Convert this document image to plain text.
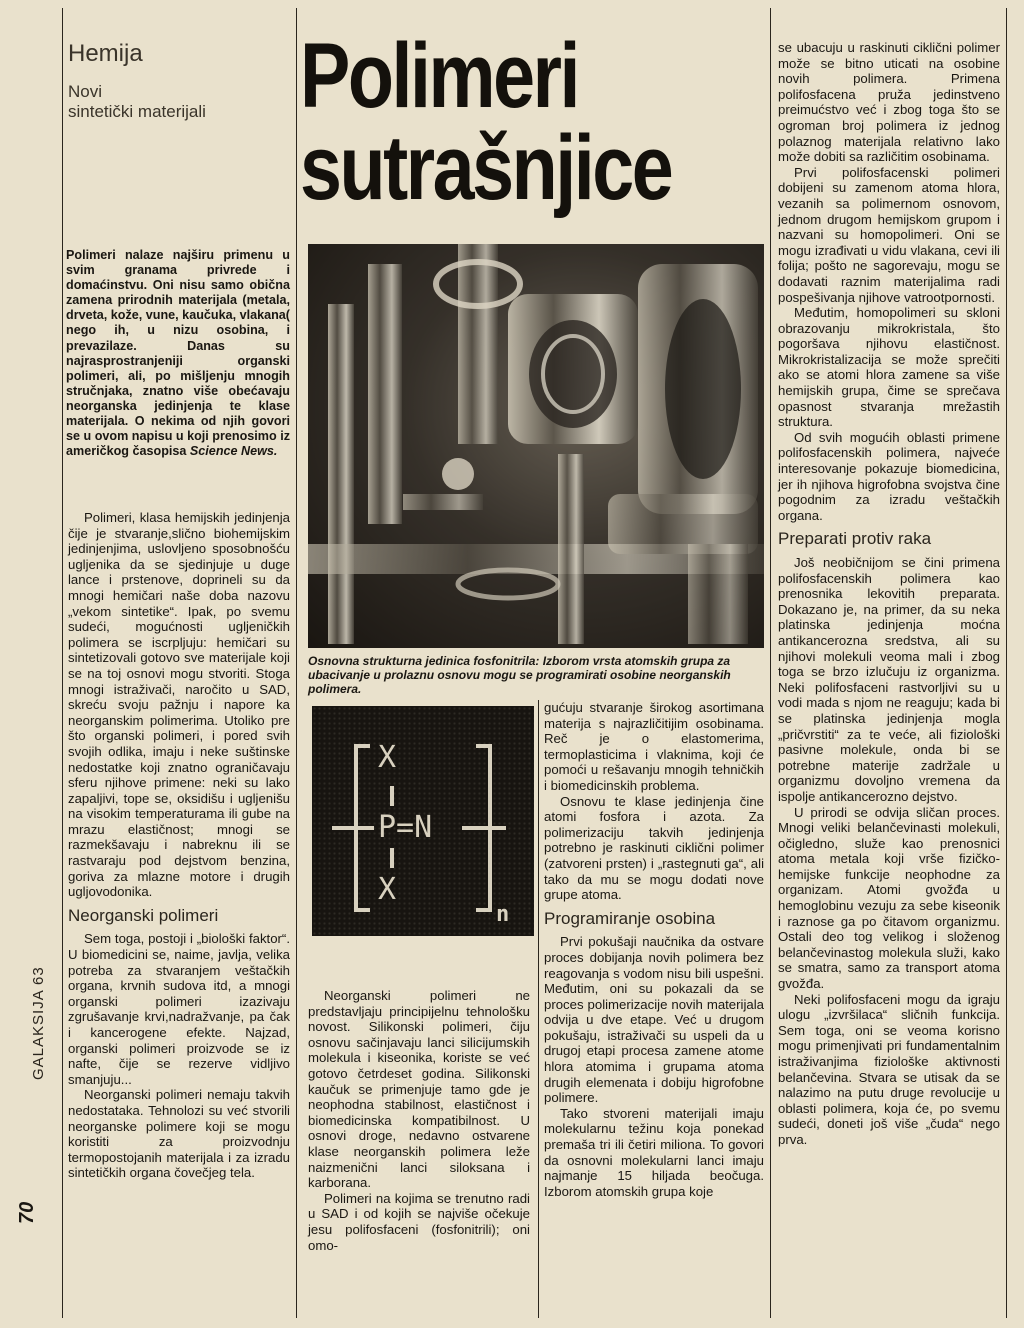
GALAKSIJA 63
70
Hemija
Novi
sintetički materijali Polimeri
sutrašnjice
Polimeri nalaze najširu primenu u svim granama privrede i domaćinstvu. Oni nisu samo obična zamena prirodnih materijala (metala, drveta, kože, vune, kaučuka, vlakana( nego ih, u nizu osobina, i prevazilaze. Danas su najrasprostranjeniji organski polimeri, ali, po mišljenju mnogih stručnjaka, znatno više obećavaju neorganska jedinjenja te klase materijala. O nekima od njih govori se u ovom napisu u koji prenosimo iz američkog časopisa Science News.
Osnovna strukturna jedinica fosfonitrila: Izborom vrsta atomskih grupa za ubacivanje u prolaznu osnovu mogu se programirati osobine neorganskih polimera.
X
P=N
X
n

Polimeri, klasa hemijskih jedinjenja čije je stvaranje,slično biohemijskim jedinjenjima, uslovljeno sposobnošću ugljenika da se sjedinjuje u duge lance i prstenove, doprineli su da mnogi hemičari naše doba nazovu „vekom sintetike“. Ipak, po svemu sudeći, mogućnosti ugljeničkih polimera se iscrpljuju: hemičari su sintetizovali gotovo sve materijale koji se na toj osnovi mogu stvoriti. Stoga mnogi istraživači, naročito u SAD, skreću svoju pažnju i napore ka neorganskim polimerima. Utoliko pre što organski polimeri, i pored svih svojih odlika, imaju i neke suštinske nedostatke koji znatno ograničavaju sferu njihove primene: neki su lako zapaljivi, tope se, oksidišu i ugljenišu na visokim temperaturama ili gube na mrazu elastičnost; mnogi se razmekšavaju i nabreknu ili se rastvaraju pod dejstvom benzina, goriva za mlazne motore i drugih ugljovodonika.

Neorganski polimeri

Sem toga, postoji i „biološki faktor“. U biomedicini se, naime, javlja, velika potreba za stvaranjem veštačkih organa, krvnih sudova itd, a mnogi organski polimeri izazivaju zgrušavanje krvi,nadražvanje, pa čak i kancerogene efekte. Najzad, organski polimeri proizvode se iz nafte, čije se rezerve vidljivo smanjuju...

Neorganski polimeri nemaju takvih nedostataka. Tehnolozi su već stvorili neorganske polimere koji se mogu koristiti za proizvodnju termopostojanih materijala i za izradu sintetičkih organa čovečjeg tela.

Neorganski polimeri ne predstavljaju principijelnu tehnološku novost. Silikonski polimeri, čiju osnovu sačinjavaju lanci silicijumskih molekula i kiseonika, koriste se već gotovo četrdeset godina. Silikonski kaučuk se primenjuje tamo gde je neophodna stabilnost, elastičnost i biomedicinska kompatibilnost. U osnovi droge, nedavno ostvarene klase neorganskih polimera leže naizmenični lanci siloksana i karborana.

Polimeri na kojima se trenutno radi u SAD i od kojih se najviše očekuje jesu polifosfaceni (fosfonitrili); oni omo-

gućuju stvaranje širokog asortimana materija s najrazličitijim osobinama. Reč je o elastomerima, termoplasticima i vlaknima, koji će pomoći u rešavanju mnogih tehničkih i biomedicinskih problema.

Osnovu te klase jedinjenja čine atomi fosfora i azota. Za polimerizaciju takvih jedinjenja potrebno je raskinuti ciklični polimer (zatvoreni prsten) i „rastegnuti ga“, ali tako da mu se mogu dodati nove grupe atoma.

Programiranje osobina

Prvi pokušaji naučnika da ostvare proces dobijanja novih polimera bez reagovanja s vodom nisu bili uspešni. Međutim, oni su pokazali da se proces polimerizacije novih materijala odvija u dve etape. Već u drugom pokušaju, istraživači su uspeli da u drugoj etapi procesa zamene atome hlora atomima i grupama atoma drugih elemenata i dobiju higrofobne polimere.

Tako stvoreni materijali imaju molekularnu težinu koja ponekad premaša tri ili četiri miliona. To govori da osnovni molekularni lanci imaju najmanje 15 hiljada beočuga. Izborom atomskih grupa koje

se ubacuju u raskinuti ciklični polimer može se bitno uticati na osobine novih polimera. Primena polifosfacena pruža jedinstveno preimućstvo već i zbog toga što se ogroman broj polimera iz jednog polaznog materijala relativno lako može dobiti sa različitim osobinama.

Prvi polifosfacenski polimeri dobijeni su zamenom atoma hlora, vezanih sa polimernom osnovom, jednom drugom hemijskom grupom i nazvani su homopolimeri. Oni se mogu izrađivati u vidu vlakana, cevi ili folija; pošto ne sagorevaju, mogu se dodavati raznim materijalima radi pospešivanja njihove vatrootpornosti.

Međutim, homopolimeri su skloni obrazovanju mikrokristala, što pogoršava njihovu elastičnost. Mikrokristalizacija se može sprečiti ako se atomi hlora zamene sa više hemijskih grupa, čime se sprečava opasnost stvaranja mrežastih struktura.

Od svih mogućih oblasti primene polifosfacenskih polimera, najveće interesovanje pokazuje biomedicina, jer ih njihova higrofobna svojstva čine pogodnim za izradu veštačkih organa.

Preparati protiv raka

Još neobičnijom se čini primena polifosfacenskih polimera kao prenosnika lekovitih preparata. Dokazano je, na primer, da su neka platinska jedinjenja moćna antikancerozna sredstva, ali su njihovi molekuli veoma mali i zbog toga se brzo izlučuju iz organizma. Neki polifosfaceni rastvorljivi su u vodi mada s njom ne reaguju; kada bi se platinska jedinjenja mogla „pričvrstiti“ za te veće, ali fiziološki pasivne molekule, onda bi se potrebne materije zadržale u organizmu dovoljno vremena da ispolje antikancerozno dejstvo.

U prirodi se odvija sličan proces. Mnogi veliki belančevinasti molekuli, očigledno, služe kao prenosnici atoma metala koji vrše fizičko-hemijske funkcije neophodne za organizam. Atomi gvožđa u hemoglobinu vezuju za sebe kiseonik i raznose ga po čitavom organizmu. Ostali deo tog velikog i složenog belančevinastog molekula služi, kako se smatra, samo za transport atoma gvožđa.

Neki polifosfaceni mogu da igraju ulogu „izvršilaca“ sličnih funkcija. Sem toga, oni se veoma korisno mogu primenjivati pri fundamentalnim istraživanjima fiziološke aktivnosti belančevina. Stvara se utisak da se nalazimo na putu druge revolucije u oblasti polimera, koja će, po svemu sudeći, doneti još više „čuda“ nego prva.
